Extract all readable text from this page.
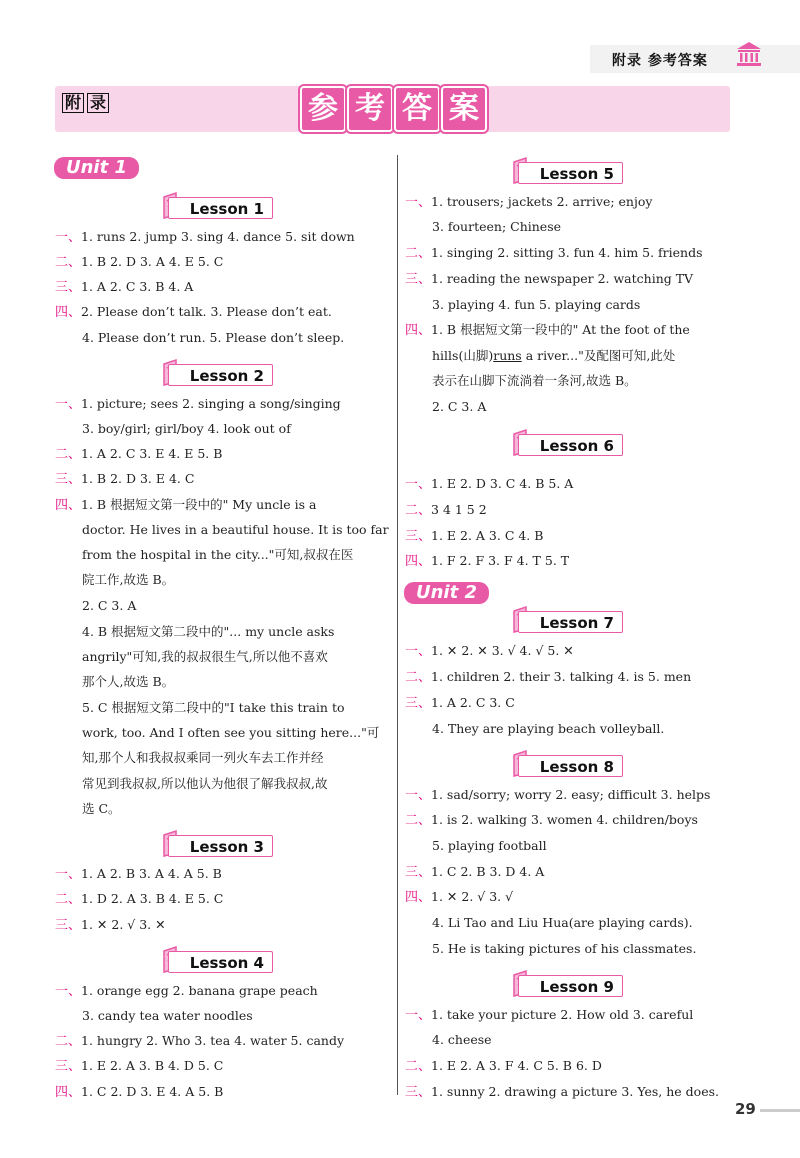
附录 参考答案
附 录	参 考 答 案
Unit 1
Lesson 1
一、1. runs 2. jump 3. sing 4. dance 5. sit down
二、1. B 2. D 3. A 4. E 5. C
三、1. A 2. C 3. B 4. A
四、2. Please don’t talk. 3. Please don’t eat.
4. Please don’t run. 5. Please don’t sleep.
Lesson 2
一、1. picture; sees 2. singing a song/singing
3. boy/girl; girl/boy 4. look out of
二、1. A 2. C 3. E 4. E 5. B
三、1. B 2. D 3. E 4. C
四、1. B 根据短文第一段中的" My uncle is a
doctor. He lives in a beautiful house. It is too far
from the hospital in the city..."可知,叔叔在医
院工作,故选 B。
2. C 3. A
4. B 根据短文第二段中的"... my uncle asks
angrily"可知,我的叔叔很生气,所以他不喜欢
那个人,故选 B。
5. C 根据短文第二段中的"I take this train to
work, too. And I often see you sitting here..."可
知,那个人和我叔叔乘同一列火车去工作并经
常见到我叔叔,所以他认为他很了解我叔叔,故
选 C。
Lesson 3
一、1. A 2. B 3. A 4. A 5. B
二、1. D 2. A 3. B 4. E 5. C
三、1. ✕ 2. √ 3. ✕
Lesson 4
一、1. orange egg 2. banana grape peach
3. candy tea water noodles
二、1. hungry 2. Who 3. tea 4. water 5. candy
三、1. E 2. A 3. B 4. D 5. C
四、1. C 2. D 3. E 4. A 5. B
Lesson 5
一、1. trousers; jackets 2. arrive; enjoy
3. fourteen; Chinese
二、1. singing 2. sitting 3. fun 4. him 5. friends
三、1. reading the newspaper 2. watching TV
3. playing 4. fun 5. playing cards
四、1. B 根据短文第一段中的" At the foot of the
hills(山脚)runs a river..."及配图可知,此处
表示在山脚下流淌着一条河,故选 B。
2. C 3. A
Lesson 6
一、1. E 2. D 3. C 4. B 5. A
二、3 4 1 5 2
三、1. E 2. A 3. C 4. B
四、1. F 2. F 3. F 4. T 5. T
Unit 2
Lesson 7
一、1. ✕ 2. ✕ 3. √ 4. √ 5. ✕
二、1. children 2. their 3. talking 4. is 5. men
三、1. A 2. C 3. C
4. They are playing beach volleyball.
Lesson 8
一、1. sad/sorry; worry 2. easy; difficult 3. helps
二、1. is 2. walking 3. women 4. children/boys
5. playing football
三、1. C 2. B 3. D 4. A
四、1. ✕ 2. √ 3. √
4. Li Tao and Liu Hua(are playing cards).
5. He is taking pictures of his classmates.
Lesson 9
一、1. take your picture 2. How old 3. careful
4. cheese
二、1. E 2. A 3. F 4. C 5. B 6. D
三、1. sunny 2. drawing a picture 3. Yes, he does.
29
